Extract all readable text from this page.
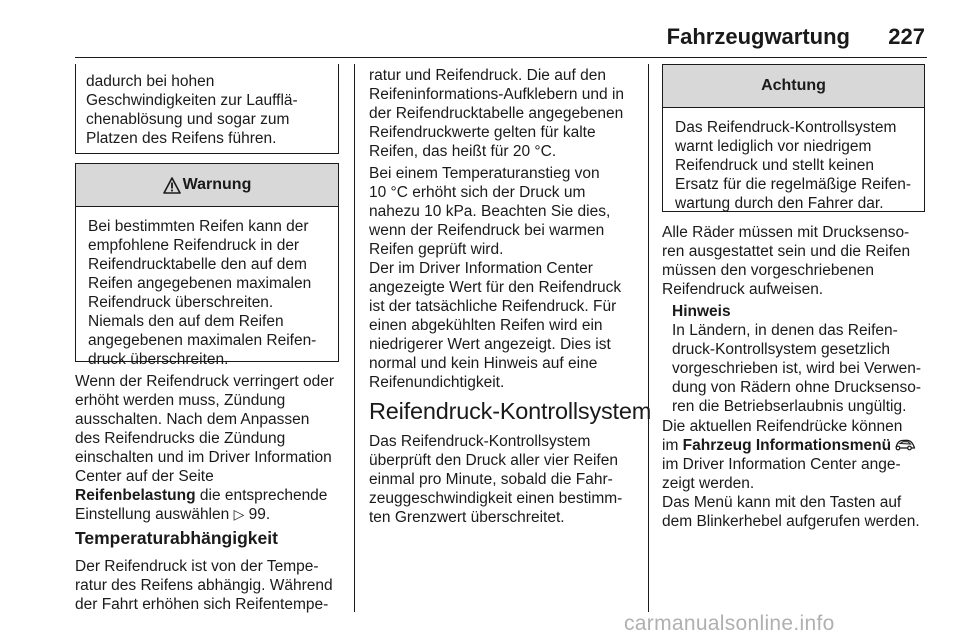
Fahrzeugwartung 227
dadurch bei hohen
Geschwindigkeiten zur Laufflä-
chenablösung und sogar zum
Platzen des Reifens führen.
Warnung
Bei bestimmten Reifen kann der
empfohlene Reifendruck in der
Reifendrucktabelle den auf dem
Reifen angegebenen maximalen
Reifendruck überschreiten.
Niemals den auf dem Reifen
angegebenen maximalen Reifen-
druck überschreiten.
Wenn der Reifendruck verringert oder
erhöht werden muss, Zündung
ausschalten. Nach dem Anpassen
des Reifendrucks die Zündung
einschalten und im Driver Information
Center auf der Seite
Reifenbelastung die entsprechende
Einstellung auswählen ▷ 99.
Temperaturabhängigkeit
Der Reifendruck ist von der Tempe-
ratur des Reifens abhängig. Während
der Fahrt erhöhen sich Reifentempe-
ratur und Reifendruck. Die auf den
Reifeninformations-Aufklebern und in
der Reifendrucktabelle angegebenen
Reifendruckwerte gelten für kalte
Reifen, das heißt für 20 °C.
Bei einem Temperaturanstieg von
10 °C erhöht sich der Druck um
nahezu 10 kPa. Beachten Sie dies,
wenn der Reifendruck bei warmen
Reifen geprüft wird.
Der im Driver Information Center
angezeigte Wert für den Reifendruck
ist der tatsächliche Reifendruck. Für
einen abgekühlten Reifen wird ein
niedrigerer Wert angezeigt. Dies ist
normal und kein Hinweis auf eine
Reifenundichtigkeit.
Reifendruck-Kontrollsystem
Das Reifendruck-Kontrollsystem
überprüft den Druck aller vier Reifen
einmal pro Minute, sobald die Fahr-
zeuggeschwindigkeit einen bestimm-
ten Grenzwert überschreitet.
Achtung
Das Reifendruck-Kontrollsystem
warnt lediglich vor niedrigem
Reifendruck und stellt keinen
Ersatz für die regelmäßige Reifen-
wartung durch den Fahrer dar.
Alle Räder müssen mit Drucksenso-
ren ausgestattet sein und die Reifen
müssen den vorgeschriebenen
Reifendruck aufweisen.
Hinweis
In Ländern, in denen das Reifen-
druck-Kontrollsystem gesetzlich
vorgeschrieben ist, wird bei Verwen-
dung von Rädern ohne Drucksenso-
ren die Betriebserlaubnis ungültig.
Die aktuellen Reifendrücke können
im Fahrzeug Informationsmenü
im Driver Information Center ange-
zeigt werden.
Das Menü kann mit den Tasten auf
dem Blinkerhebel aufgerufen werden.
carmanualsonline.info
